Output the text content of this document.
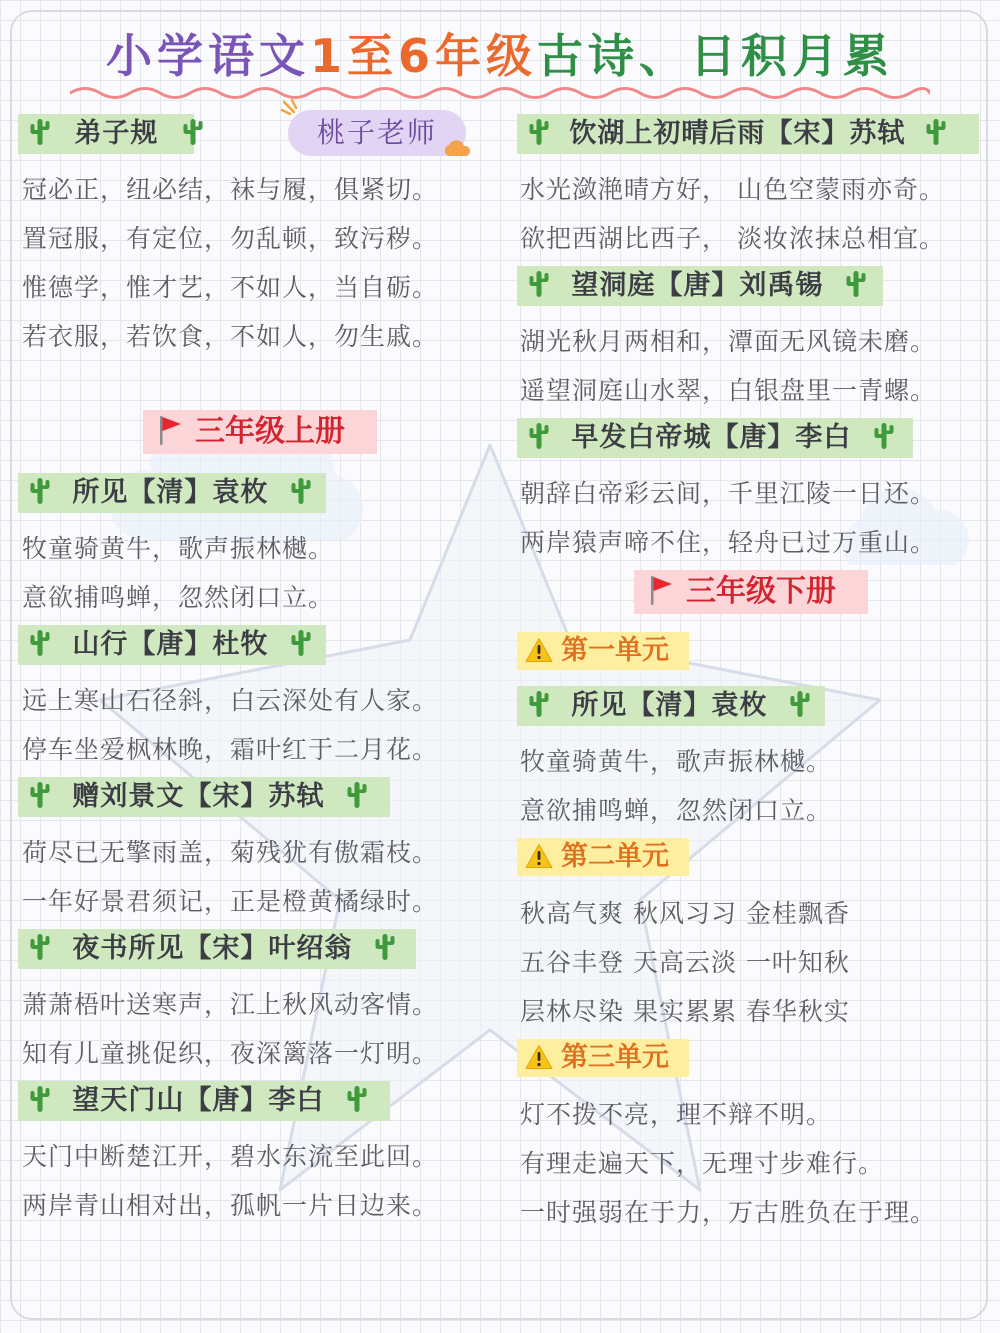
小学语文1至6年级古诗、日积月累
桃子老师
弟子规
冠必正，纽必结，袜与履，俱紧切。
置冠服，有定位，勿乱顿，致污秽。
惟德学，惟才艺，不如人，当自砺。
若衣服，若饮食，不如人，勿生戚。
三年级上册
所见【清】袁枚
牧童骑黄牛，歌声振林樾。
意欲捕鸣蝉，忽然闭口立。
山行【唐】杜牧
远上寒山石径斜，白云深处有人家。
停车坐爱枫林晚，霜叶红于二月花。
赠刘景文【宋】苏轼
荷尽已无擎雨盖，菊残犹有傲霜枝。
一年好景君须记，正是橙黄橘绿时。
夜书所见【宋】叶绍翁
萧萧梧叶送寒声，江上秋风动客情。
知有儿童挑促织，夜深篱落一灯明。
望天门山【唐】李白
天门中断楚江开，碧水东流至此回。
两岸青山相对出，孤帆一片日边来。
饮湖上初晴后雨【宋】苏轼
水光潋滟晴方好， 山色空蒙雨亦奇。
欲把西湖比西子， 淡妆浓抹总相宜。
望洞庭【唐】刘禹锡
湖光秋月两相和，潭面无风镜未磨。
遥望洞庭山水翠，白银盘里一青螺。
早发白帝城【唐】李白
朝辞白帝彩云间，千里江陵一日还。
两岸猿声啼不住，轻舟已过万重山。
三年级下册
第一单元
所见【清】袁枚
牧童骑黄牛，歌声振林樾。
意欲捕鸣蝉，忽然闭口立。
第二单元
秋高气爽 秋风习习 金桂飘香
五谷丰登 天高云淡 一叶知秋
层林尽染 果实累累 春华秋实
第三单元
灯不拨不亮，理不辩不明。
有理走遍天下，无理寸步难行。
一时强弱在于力，万古胜负在于理。
